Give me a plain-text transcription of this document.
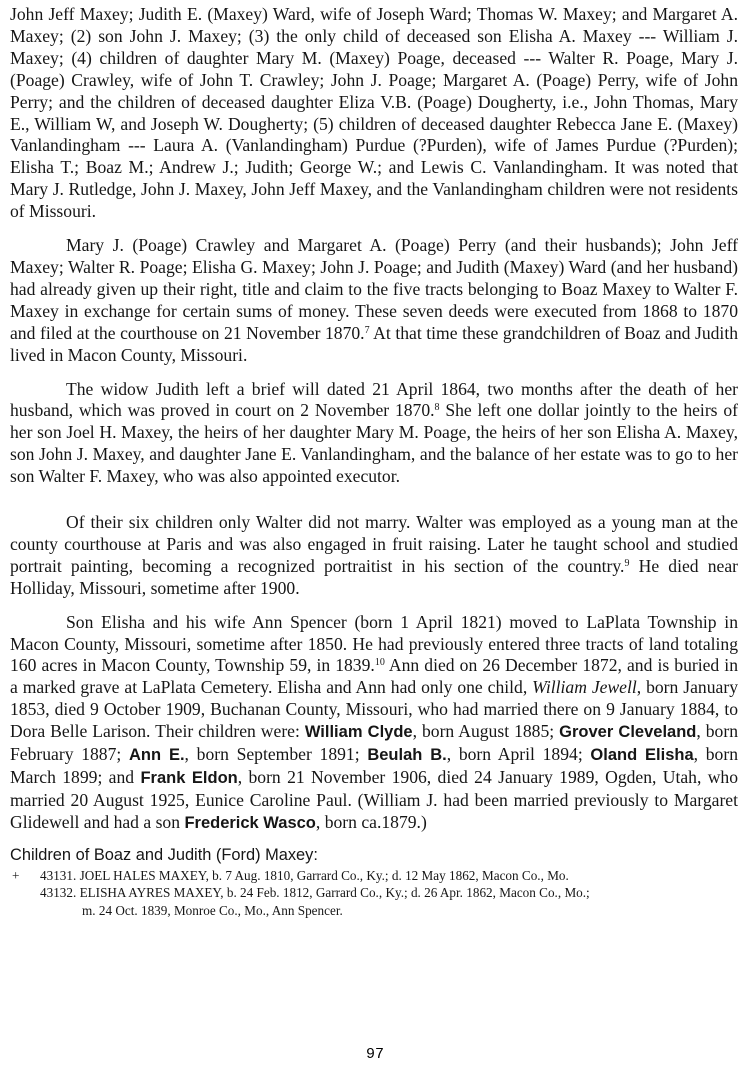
John Jeff Maxey; Judith E. (Maxey) Ward, wife of Joseph Ward; Thomas W. Maxey; and Margaret A. Maxey; (2) son John J. Maxey; (3) the only child of deceased son Elisha A. Maxey --- William J. Maxey; (4) children of daughter Mary M. (Maxey) Poage, deceased --- Walter R. Poage, Mary J. (Poage) Crawley, wife of John T. Crawley; John J. Poage; Margaret A. (Poage) Perry, wife of John Perry; and the children of deceased daughter Eliza V.B. (Poage) Dougherty, i.e., John Thomas, Mary E., William W, and Joseph W. Dougherty; (5) children of deceased daughter Rebecca Jane E. (Maxey) Vanlandingham --- Laura A. (Vanlandingham) Purdue (?Purden), wife of James Purdue (?Purden); Elisha T.; Boaz M.; Andrew J.; Judith; George W.; and Lewis C. Vanlandingham. It was noted that Mary J. Rutledge, John J. Maxey, John Jeff Maxey, and the Vanlandingham children were not residents of Missouri.

Mary J. (Poage) Crawley and Margaret A. (Poage) Perry (and their husbands); John Jeff Maxey; Walter R. Poage; Elisha G. Maxey; John J. Poage; and Judith (Maxey) Ward (and her husband) had already given up their right, title and claim to the five tracts belonging to Boaz Maxey to Walter F. Maxey in exchange for certain sums of money. These seven deeds were executed from 1868 to 1870 and filed at the courthouse on 21 November 1870.$^7$ At that time these grandchildren of Boaz and Judith lived in Macon County, Missouri.

The widow Judith left a brief will dated 21 April 1864, two months after the death of her husband, which was proved in court on 2 November 1870.$^8$ She left one dollar jointly to the heirs of her son Joel H. Maxey, the heirs of her daughter Mary M. Poage, the heirs of her son Elisha A. Maxey, son John J. Maxey, and daughter Jane E. Vanlandingham, and the balance of her estate was to go to her son Walter F. Maxey, who was also appointed executor.

Of their six children only Walter did not marry. Walter was employed as a young man at the county courthouse at Paris and was also engaged in fruit raising. Later he taught school and studied portrait painting, becoming a recognized portraitist in his section of the country.$^9$ He died near Holliday, Missouri, sometime after 1900.

Son Elisha and his wife Ann Spencer (born 1 April 1821) moved to LaPlata Township in Macon County, Missouri, sometime after 1850. He had previously entered three tracts of land totaling 160 acres in Macon County, Township 59, in 1839.10 Ann died on 26 December 1872, and is buried in a marked grave at LaPlata Cemetery. Elisha and Ann had only one child, William Jewell, born January 1853, died 9 October 1909, Buchanan County, Missouri, who had married there on 9 January 1884, to Dora Belle Larison. Their children were: William Clyde, born August 1885; Grover Cleveland, born February 1887; Ann E., born September 1891; Beulah B., born April 1894; Oland Elisha, born March 1899; and Frank Eldon, born 21 November 1906, died 24 January 1989, Ogden, Utah, who married 20 August 1925, Eunice Caroline Paul. (William J. had been married previously to Margaret Glidewell and had a son Frederick Wasco, born ca.1879.)

Children of Boaz and Judith (Ford) Maxey:

+ 43131. JOEL HALES MAXEY, b. 7 Aug. 1810, Garrard Co., Ky.; d. 12 May 1862, Macon Co., Mo.
43132. ELISHA AYRES MAXEY, b. 24 Feb. 1812, Garrard Co., Ky.; d. 26 Apr. 1862, Macon Co., Mo.;
m. 24 Oct. 1839, Monroe Co., Mo., Ann Spencer.
97
